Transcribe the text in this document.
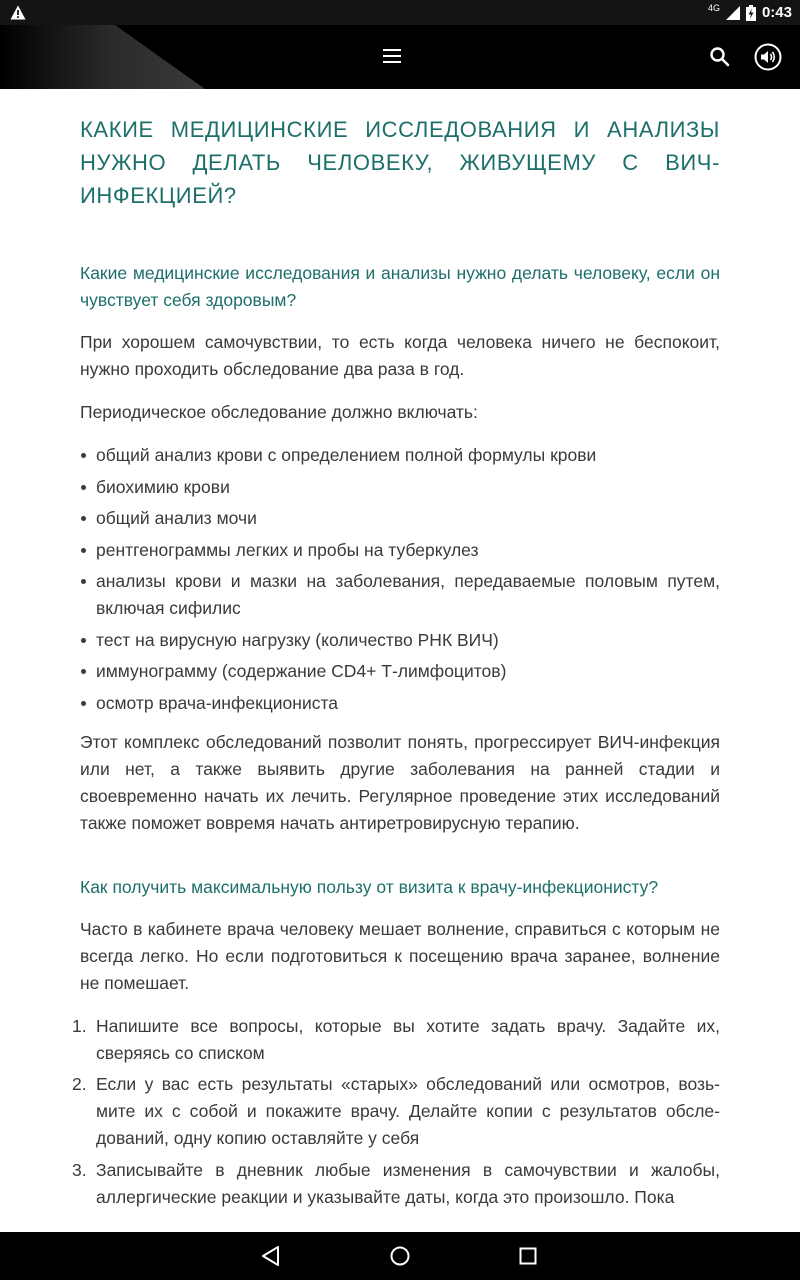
4G	0:43
КАКИЕ МЕДИЦИНСКИЕ ИССЛЕДОВАНИЯ И АНАЛИЗЫ НУЖНО ДЕЛАТЬ ЧЕЛОВЕКУ, ЖИВУЩЕМУ С ВИЧ-ИНФЕКЦИЕЙ?
Какие медицинские исследования и анализы нужно делать человеку, если он чувствует себя здоровым?

При хорошем самочувствии, то есть когда человека ничего не беспокоит, нужно проходить обследование два раза в год.

Периодическое обследование должно включать:

общий анализ крови с определением полной формулы крови
биохимию крови
общий анализ мочи
рентгенограммы легких и пробы на туберкулез
анализы крови и мазки на заболевания, передаваемые половым путем, включая сифилис
тест на вирусную нагрузку (количество РНК ВИЧ)
иммунограмму (содержание CD4+ Т-лимфоцитов)
осмотр врача-инфекциониста

Этот комплекс обследований позволит понять, прогрессирует ВИЧ-инфекция или нет, а также выявить другие заболевания на ранней стадии и своевременно начать их лечить. Регулярное проведение этих исследований также поможет вовремя начать антиретровирусную терапию.

Как получить максимальную пользу от визита к врачу-инфекционисту?

Часто в кабинете врача человеку мешает волнение, справиться с которым не всегда легко. Но если подготовиться к посещению врача заранее, волнение не помешает.

1. Напишите все вопросы, которые вы хотите задать врачу. Задайте их, сверяясь со списком
2. Если у вас есть результаты «старых» обследований или осмотров, возьмите их с собой и покажите врачу. Делайте копии с результатов обследований, одну копию оставляйте у себя
3. Записывайте в дневник любые изменения в самочувствии и жалобы, аллергические реакции и указывайте даты, когда это произошло. Пока
